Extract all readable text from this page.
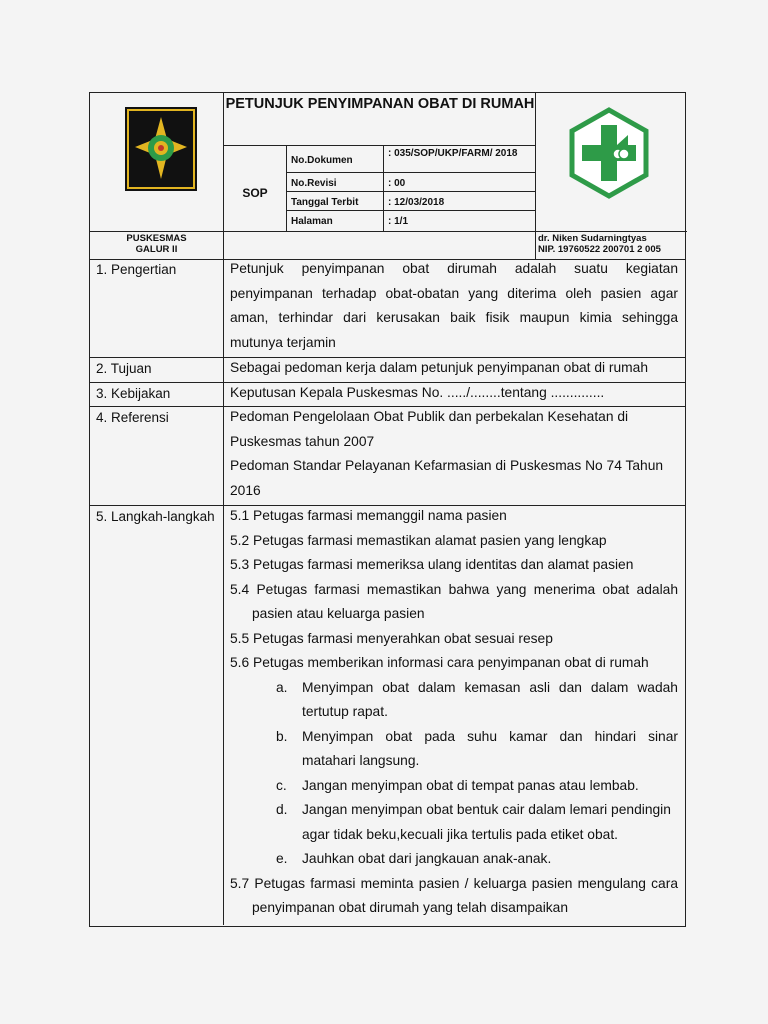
PETUNJUK PENYIMPANAN OBAT DI RUMAH
SOP
No.Dokumen
: 035/SOP/UKP/FARM/ 2018
No.Revisi	: 00
Tanggal Terbit	: 12/03/2018
Halaman	: 1/1
PUSKESMAS
GALUR II
dr. Niken Sudarningtyas
NIP. 19760522 200701 2 005
1. Pengertian	Petunjuk penyimpanan obat dirumah adalah suatu kegiatan
penyimpanan terhadap obat-obatan yang diterima oleh pasien agar
aman, terhindar dari kerusakan baik fisik maupun kimia sehingga
mutunya terjamin
2. Tujuan	Sebagai pedoman kerja dalam petunjuk penyimpanan obat di rumah
3. Kebijakan	Keputusan Kepala Puskesmas No. ...../........tentang ..............
4. Referensi	Pedoman Pengelolaan Obat Publik dan perbekalan Kesehatan di
Puskesmas tahun 2007
Pedoman Standar Pelayanan Kefarmasian di Puskesmas No 74 Tahun
2016
5. Langkah-langkah 5.1 Petugas farmasi memanggil nama pasien
5.2 Petugas farmasi memastikan alamat pasien yang lengkap
5.3 Petugas farmasi memeriksa ulang identitas dan alamat pasien
5.4 Petugas farmasi memastikan bahwa yang menerima obat adalah
pasien atau keluarga pasien
5.5 Petugas farmasi menyerahkan obat sesuai resep
5.6 Petugas memberikan informasi cara penyimpanan obat di rumah
a. Menyimpan obat dalam kemasan asli dan dalam wadah
tertutup rapat.
b. Menyimpan obat pada suhu kamar dan hindari sinar
matahari langsung.
c. Jangan menyimpan obat di tempat panas atau lembab.
d. Jangan menyimpan obat bentuk cair dalam lemari pendingin
agar tidak beku,kecuali jika tertulis pada etiket obat.
e. Jauhkan obat dari jangkauan anak-anak.
5.7 Petugas farmasi meminta pasien / keluarga pasien mengulang cara
penyimpanan obat dirumah yang telah disampaikan
